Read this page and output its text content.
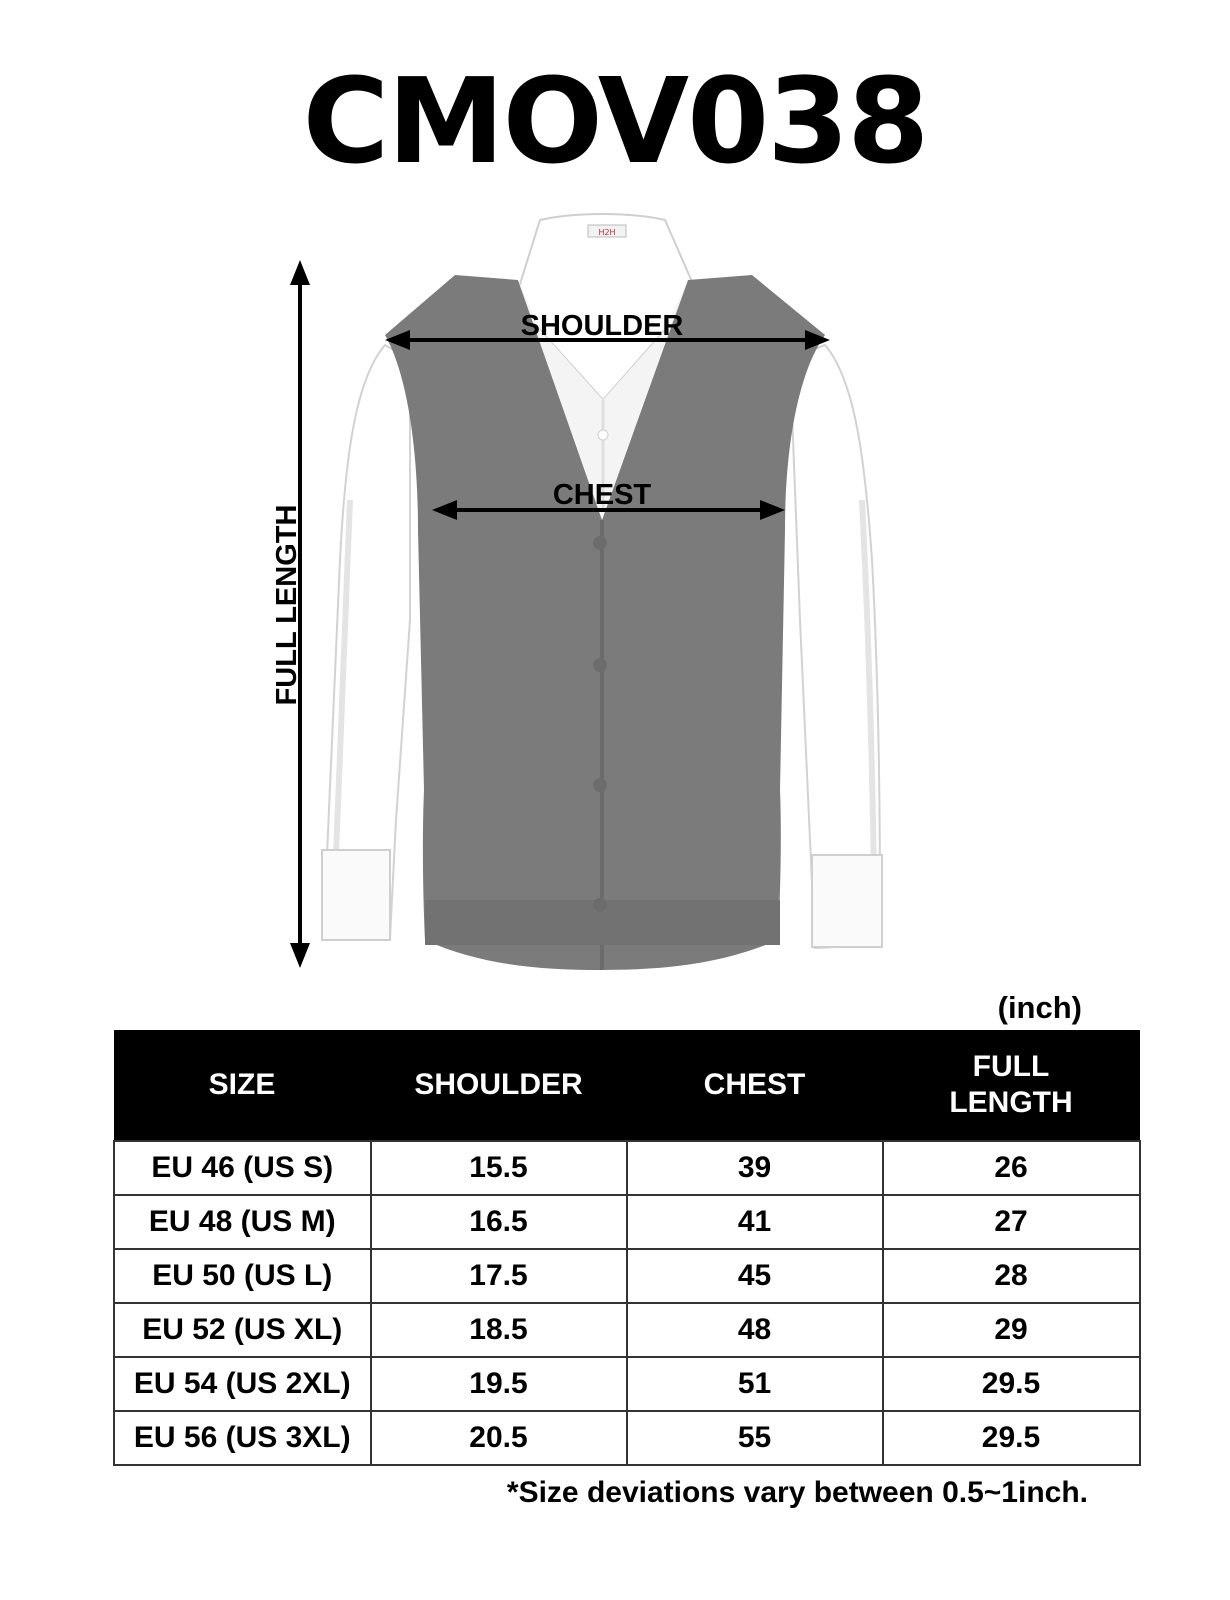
CMOV038
H2H
SHOULDER
CHEST
FULL LENGTH
(inch)
SIZE	SHOULDER	CHEST	FULL
LENGTH

EU 46 (US S)	15.5	39	26
EU 48 (US M)	16.5	41	27
EU 50 (US L)	17.5	45	28
EU 52 (US XL)	18.5	48	29
EU 54 (US 2XL)	19.5	51	29.5
EU 56 (US 3XL)	20.5	55	29.5
*Size deviations vary between 0.5~1inch.
